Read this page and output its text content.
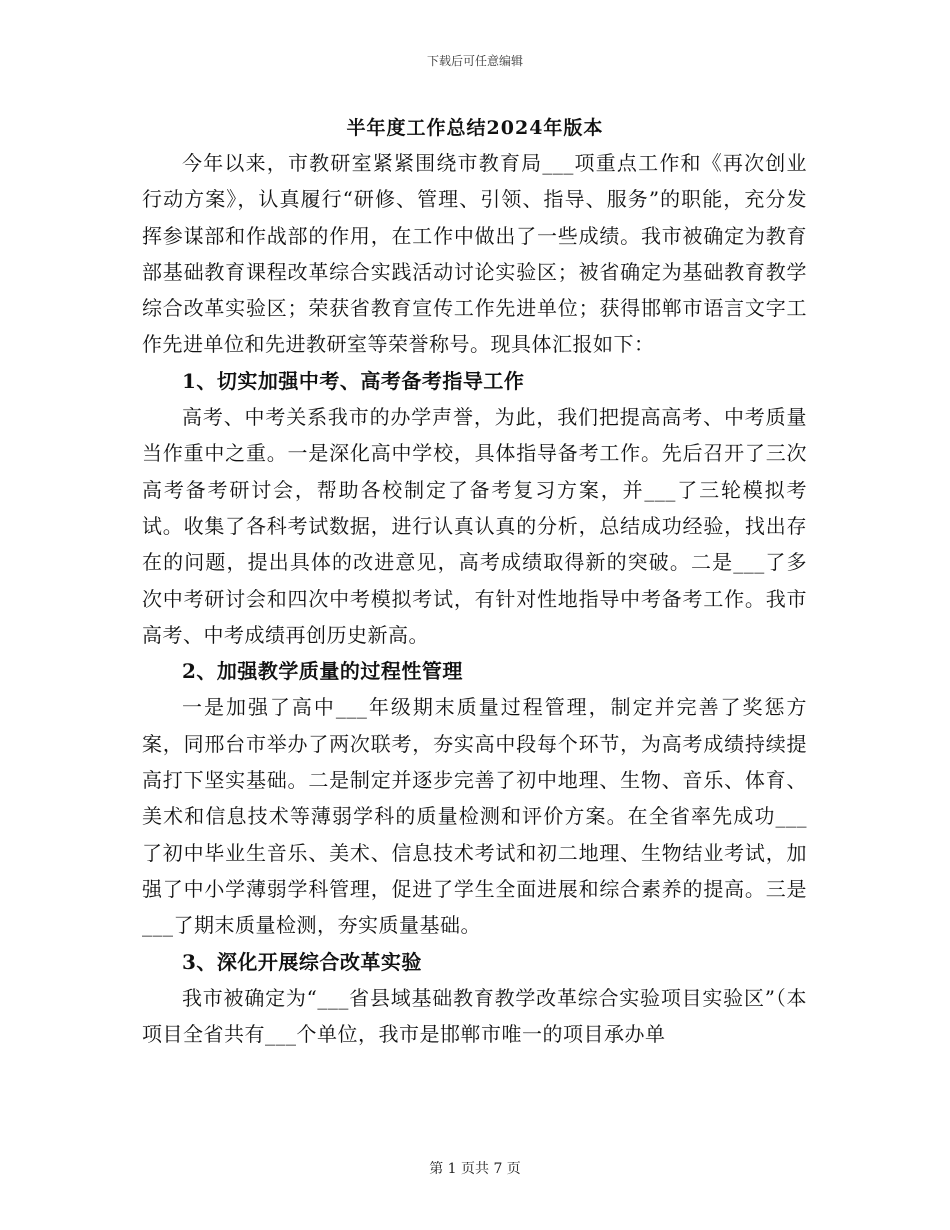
下载后可任意编辑
半年度工作总结2024年版本

今年以来，市教研室紧紧围绕市教育局___项重点工作和《再次创业行动方案》，认真履行“研修、管理、引领、指导、服务”的职能，充分发挥参谋部和作战部的作用，在工作中做出了一些成绩。我市被确定为教育部基础教育课程改革综合实践活动讨论实验区；被省确定为基础教育教学综合改革实验区；荣获省教育宣传工作先进单位；获得邯郸市语言文字工作先进单位和先进教研室等荣誉称号。现具体汇报如下：

1、切实加强中考、高考备考指导工作

高考、中考关系我市的办学声誉，为此，我们把提高高考、中考质量当作重中之重。一是深化高中学校，具体指导备考工作。先后召开了三次高考备考研讨会，帮助各校制定了备考复习方案，并___了三轮模拟考试。收集了各科考试数据，进行认真认真的分析，总结成功经验，找出存在的问题，提出具体的改进意见，高考成绩取得新的突破。二是___了多次中考研讨会和四次中考模拟考试，有针对性地指导中考备考工作。我市高考、中考成绩再创历史新高。

2、加强教学质量的过程性管理

一是加强了高中___年级期末质量过程管理，制定并完善了奖惩方案，同邢台市举办了两次联考，夯实高中段每个环节，为高考成绩持续提高打下坚实基础。二是制定并逐步完善了初中地理、生物、音乐、体育、美术和信息技术等薄弱学科的质量检测和评价方案。在全省率先成功___了初中毕业生音乐、美术、信息技术考试和初二地理、生物结业考试，加强了中小学薄弱学科管理，促进了学生全面进展和综合素养的提高。三是___了期末质量检测，夯实质量基础。

3、深化开展综合改革实验

我市被确定为“___省县域基础教育教学改革综合实验项目实验区”（本项目全省共有___个单位，我市是邯郸市唯一的项目承办单

第 1 页共 7 页
